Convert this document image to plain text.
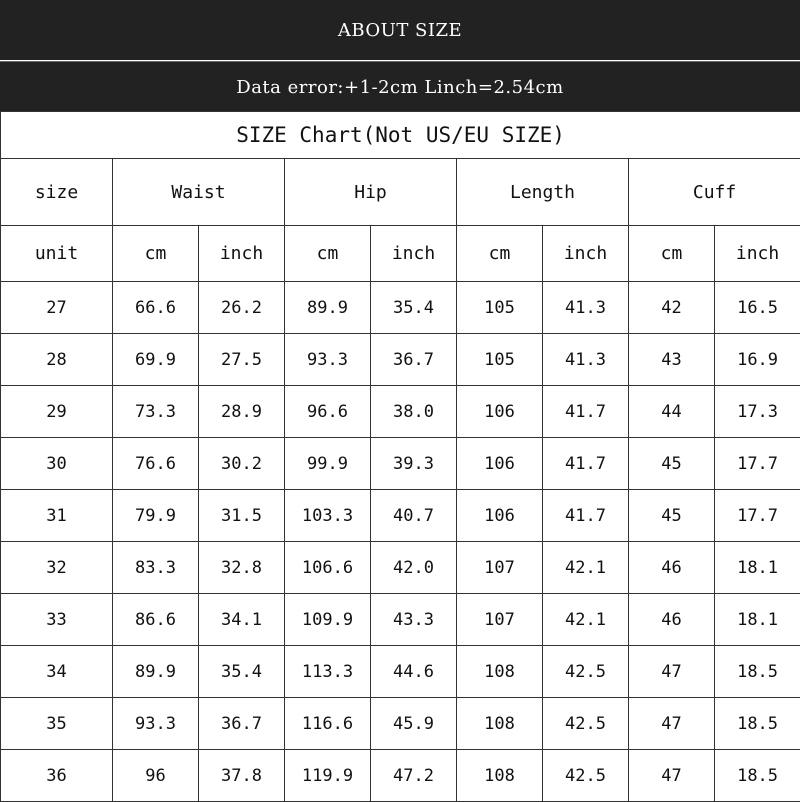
ABOUT SIZE
Data error:+1-2cm Linch=2.54cm
SIZE Chart(Not US/EU SIZE)								
size	Waist		Hip		Length		Cuff	
unit	cm	inch	cm	inch	cm	inch	cm	inch
27	66.6	26.2	89.9	35.4	105	41.3	42	16.5
28	69.9	27.5	93.3	36.7	105	41.3	43	16.9
29	73.3	28.9	96.6	38.0	106	41.7	44	17.3
30	76.6	30.2	99.9	39.3	106	41.7	45	17.7
31	79.9	31.5	103.3	40.7	106	41.7	45	17.7
32	83.3	32.8	106.6	42.0	107	42.1	46	18.1
33	86.6	34.1	109.9	43.3	107	42.1	46	18.1
34	89.9	35.4	113.3	44.6	108	42.5	47	18.5
35	93.3	36.7	116.6	45.9	108	42.5	47	18.5
36	96	37.8	119.9	47.2	108	42.5	47	18.5
